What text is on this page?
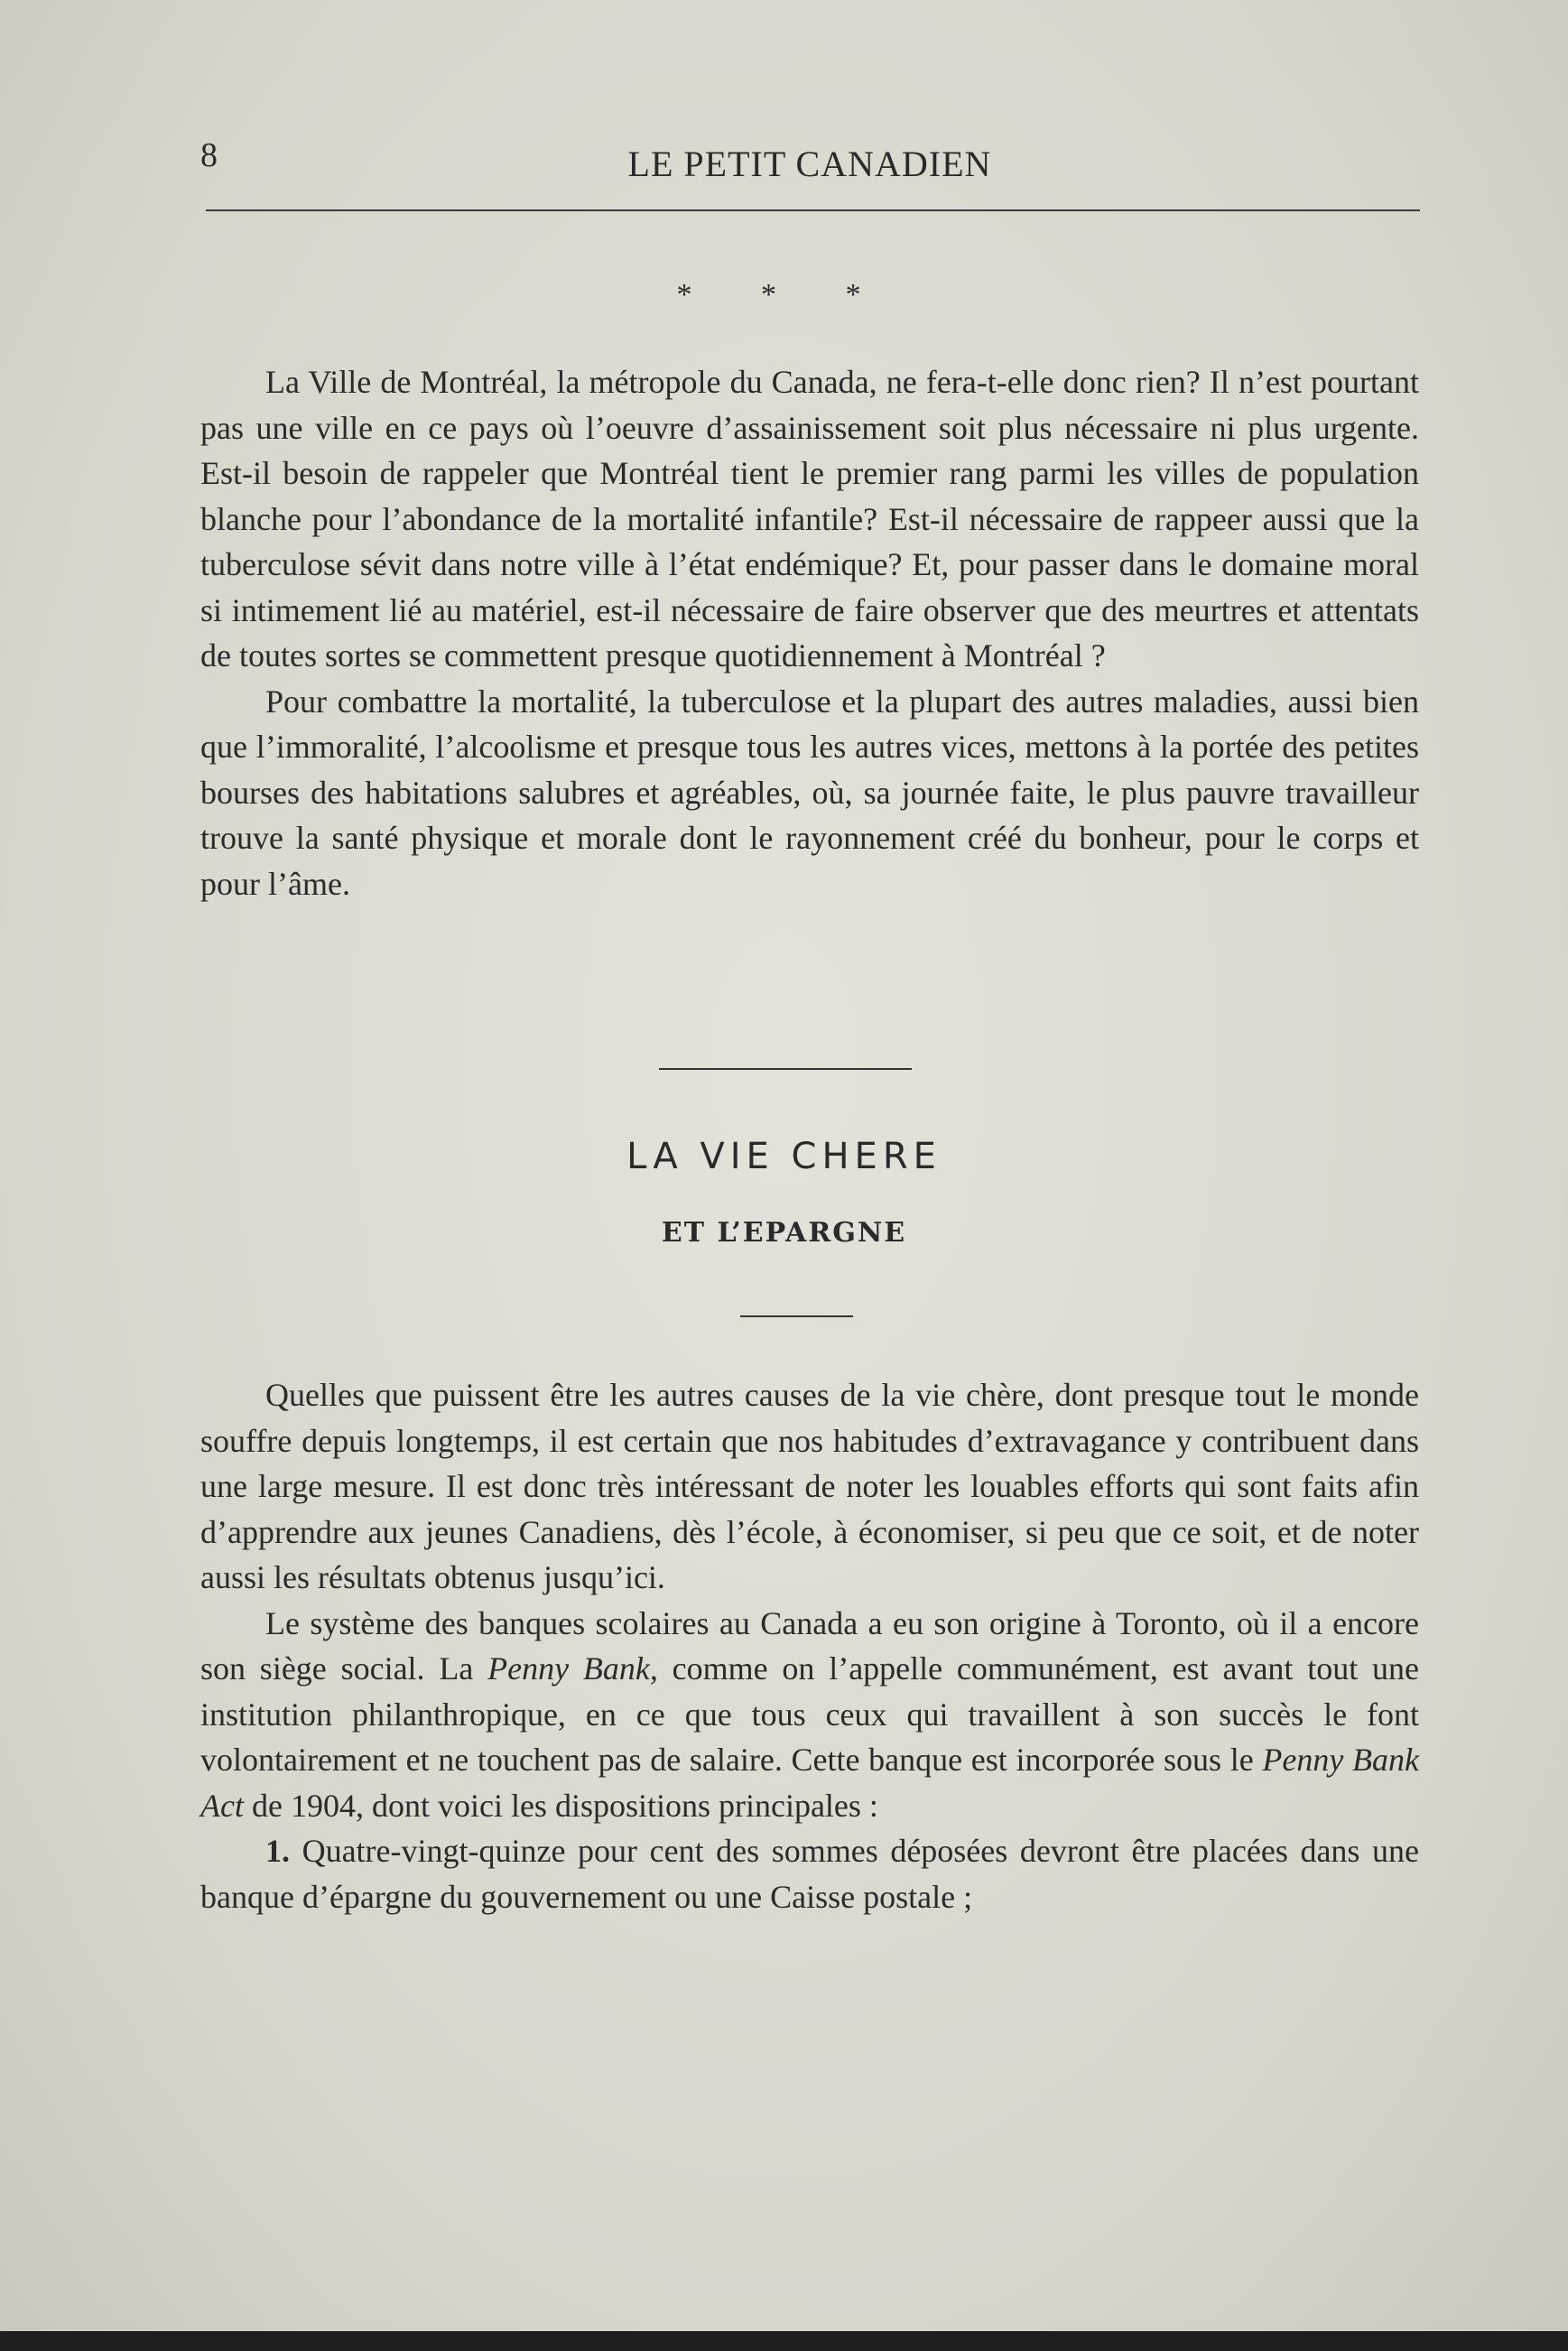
8	LE PETIT CANADIEN
* * *

La Ville de Montréal, la métropole du Canada, ne fera-t-elle donc rien? Il n’est pourtant pas une ville en ce pays où l’oeuvre d’assainissement soit plus nécessaire ni plus urgente. Est-il besoin de rappeler que Montréal tient le premier rang parmi les villes de population blanche pour l’abondance de la mortalité infantile? Est-il nécessaire de rappeer aussi que la tuberculose sévit dans notre ville à l’état endémique? Et, pour passer dans le domaine moral si intimement lié au matériel, est-il nécessaire de faire observer que des meurtres et attentats de toutes sortes se commettent presque quotidiennement à Montréal ?

Pour combattre la mortalité, la tuberculose et la plupart des autres maladies, aussi bien que l’immoralité, l’alcoolisme et presque tous les autres vices, mettons à la portée des petites bourses des habitations salubres et agréables, où, sa journée faite, le plus pauvre travailleur trouve la santé physique et morale dont le rayonnement créé du bonheur, pour le corps et pour l’âme.

LA VIE CHERE
ET L’EPARGNE

Quelles que puissent être les autres causes de la vie chère, dont presque tout le monde souffre depuis longtemps, il est certain que nos habitudes d’extravagance y contribuent dans une large mesure. Il est donc très intéressant de noter les louables efforts qui sont faits afin d’apprendre aux jeunes Canadiens, dès l’école, à économiser, si peu que ce soit, et de noter aussi les résultats obtenus jusqu’ici.

Le système des banques scolaires au Canada a eu son origine à Toronto, où il a encore son siège social. La Penny Bank, comme on l’appelle communément, est avant tout une institution philanthropique, en ce que tous ceux qui travaillent à son succès le font volontairement et ne touchent pas de salaire. Cette banque est incorporée sous le Penny Bank Act de 1904, dont voici les dispositions principales :

1. Quatre-vingt-quinze pour cent des sommes déposées devront être placées dans une banque d’épargne du gouvernement ou une Caisse postale ;
